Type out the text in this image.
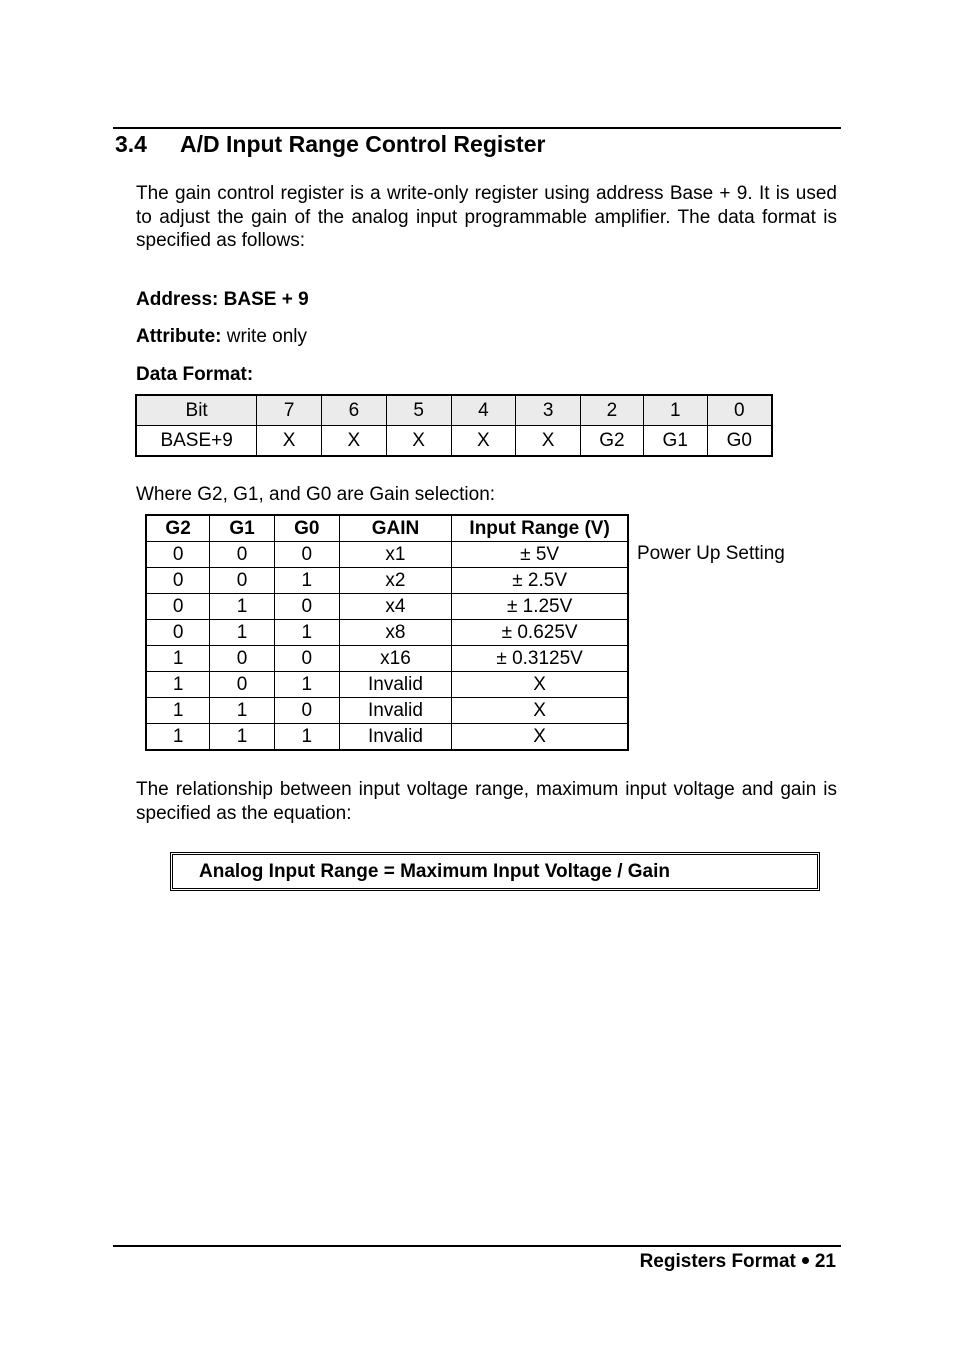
3.4 A/D Input Range Control Register
The gain control register is a write-only register using address Base + 9. It is used to adjust the gain of the analog input programmable amplifier. The data format is specified as follows:
Address: BASE + 9
Attribute: write only
Data Format:
Bit	7	6	5	4	3	2	1	0
BASE+9	X	X	X	X	X	G2	G1	G0
Where G2, G1, and G0 are Gain selection:
G2	G1	G0	GAIN	Input Range (V)
0	0	0	x1	± 5V
0	0	1	x2	± 2.5V
0	1	0	x4	± 1.25V
0	1	1	x8	± 0.625V
1	0	0	x16	± 0.3125V
1	0	1	Invalid	X
1	1	0	Invalid	X
1	1	1	Invalid	X
Power Up Setting
The relationship between input voltage range, maximum input voltage and gain is specified as the equation:
Analog Input Range = Maximum Input Voltage / Gain
Registers Format 21
